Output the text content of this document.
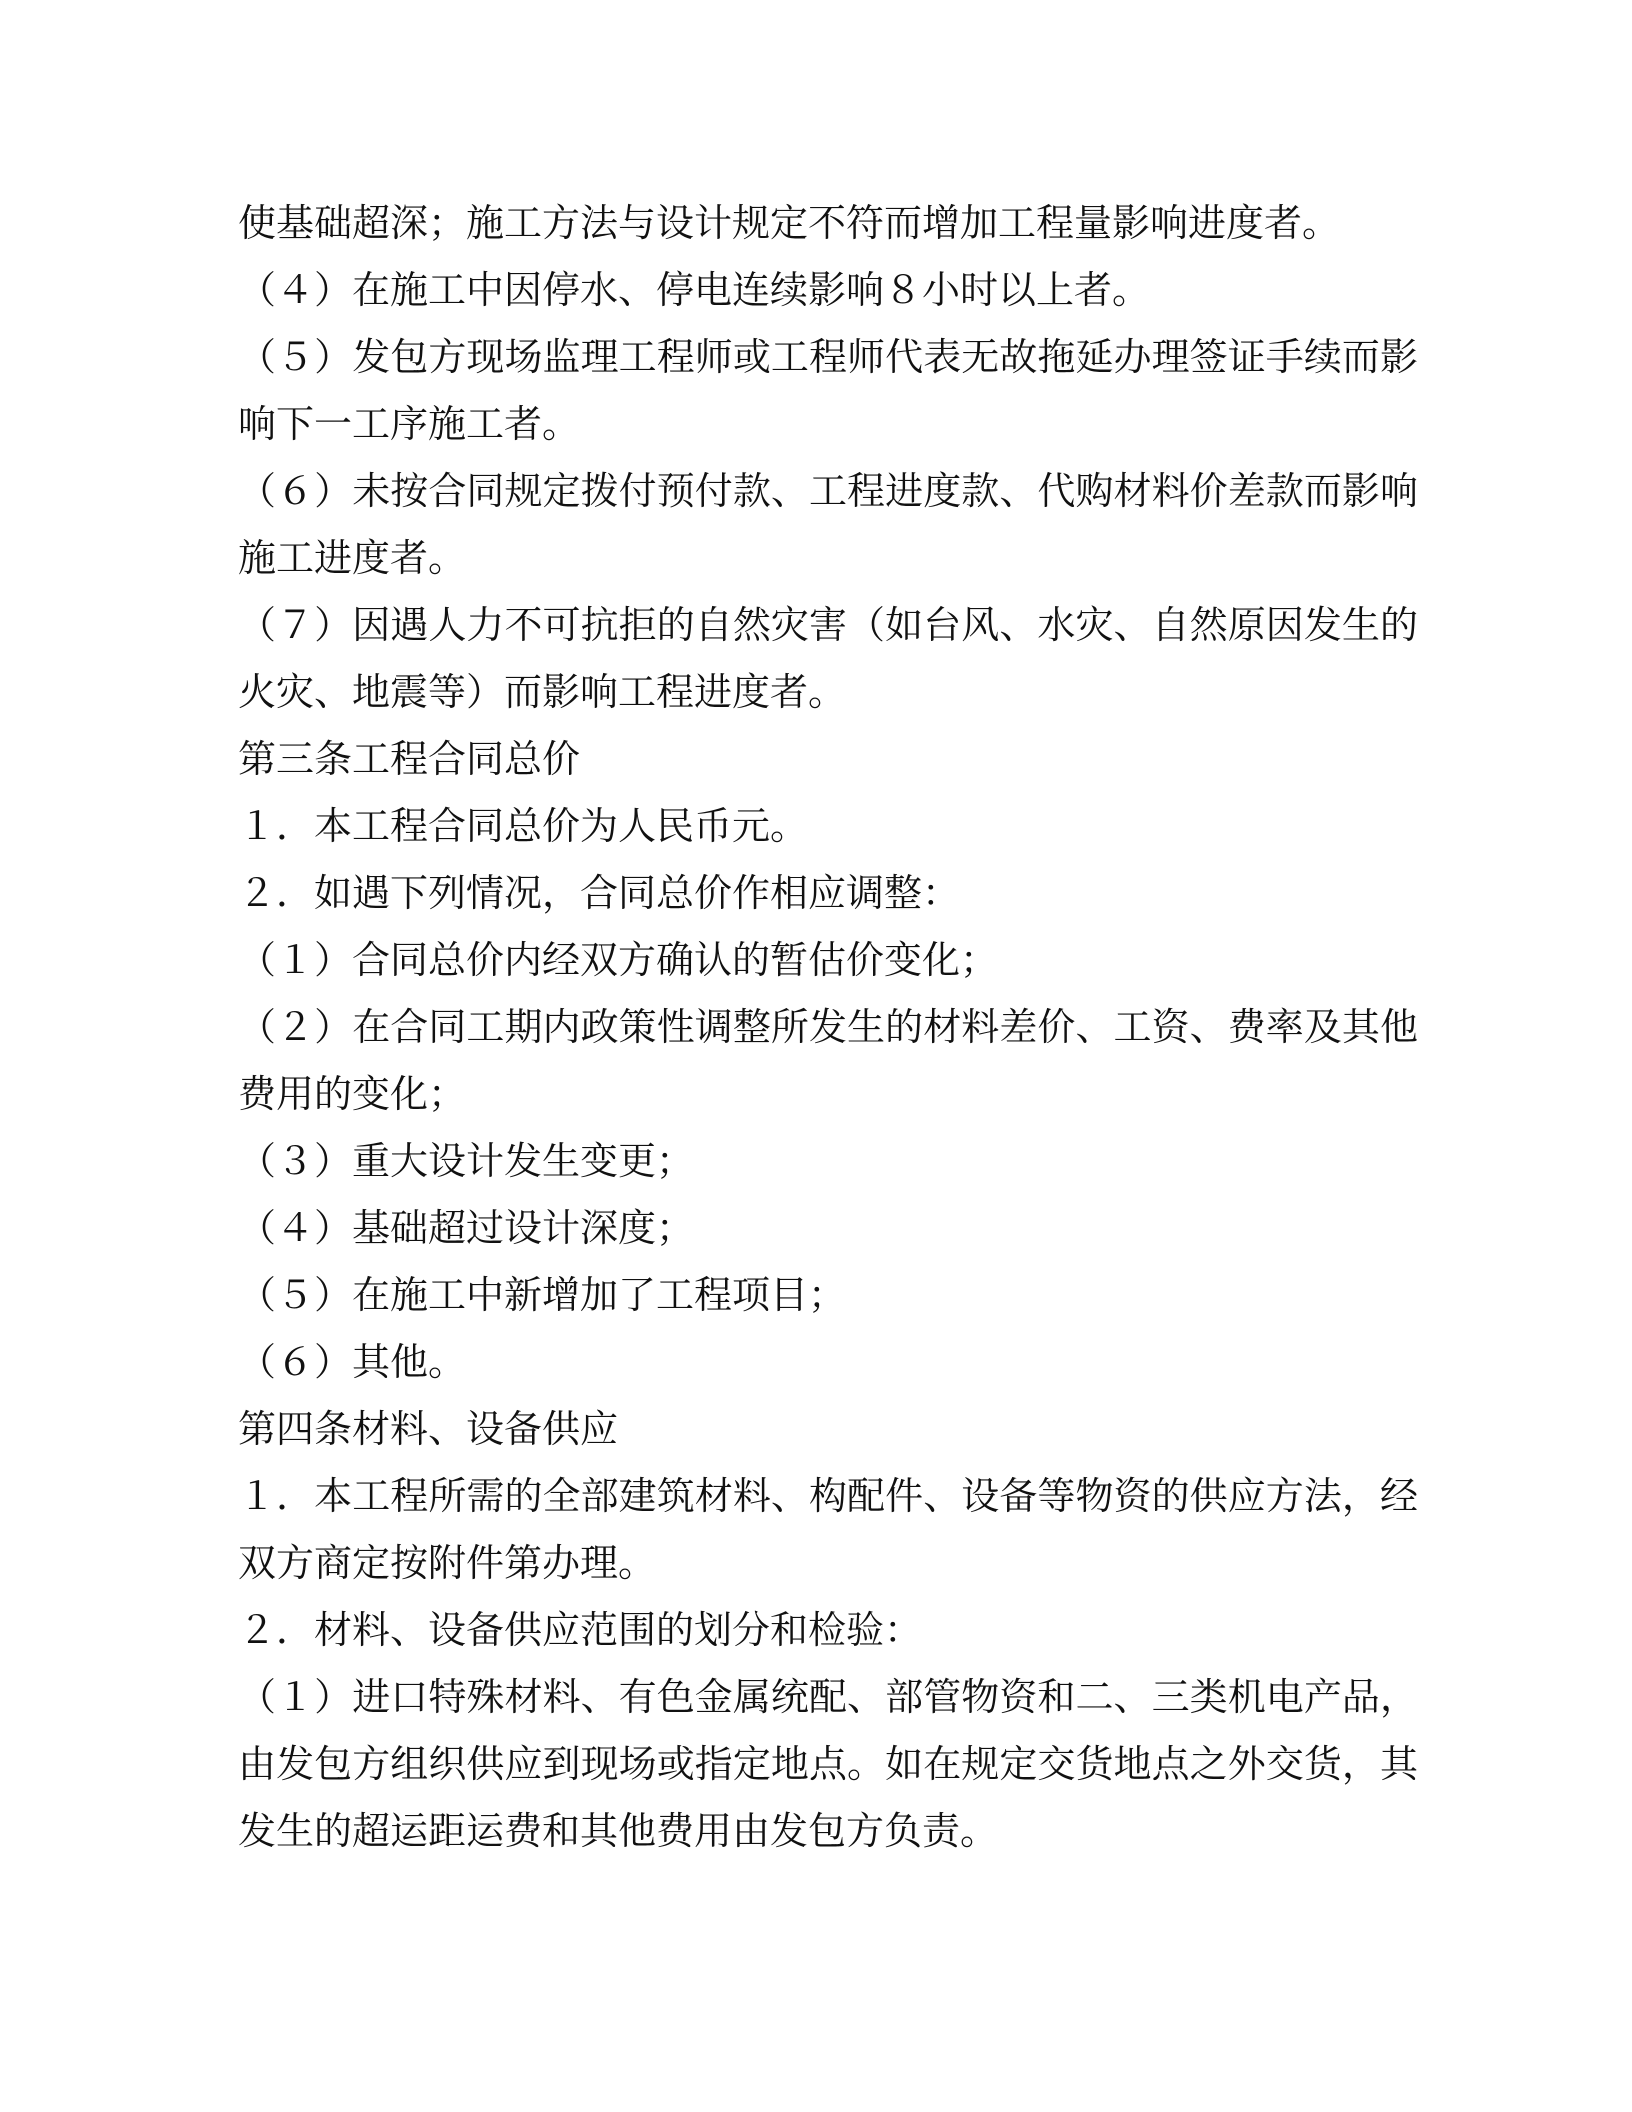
使基础超深；施工方法与设计规定不符而增加工程量影响进度者。
（４）在施工中因停水、停电连续影响８小时以上者。
（５）发包方现场监理工程师或工程师代表无故拖延办理签证手续而影
响下一工序施工者。
（６）未按合同规定拨付预付款、工程进度款、代购材料价差款而影响
施工进度者。
（７）因遇人力不可抗拒的自然灾害（如台风、水灾、自然原因发生的
火灾、地震等）而影响工程进度者。
第三条工程合同总价
１．本工程合同总价为人民币元。
２．如遇下列情况，合同总价作相应调整：
（１）合同总价内经双方确认的暂估价变化；
（２）在合同工期内政策性调整所发生的材料差价、工资、费率及其他
费用的变化；
（３）重大设计发生变更；
（４）基础超过设计深度；
（５）在施工中新增加了工程项目；
（６）其他。
第四条材料、设备供应
１．本工程所需的全部建筑材料、构配件、设备等物资的供应方法，经
双方商定按附件第办理。
２．材料、设备供应范围的划分和检验：
（１）进口特殊材料、有色金属统配、部管物资和二、三类机电产品，
由发包方组织供应到现场或指定地点。如在规定交货地点之外交货，其
发生的超运距运费和其他费用由发包方负责。
